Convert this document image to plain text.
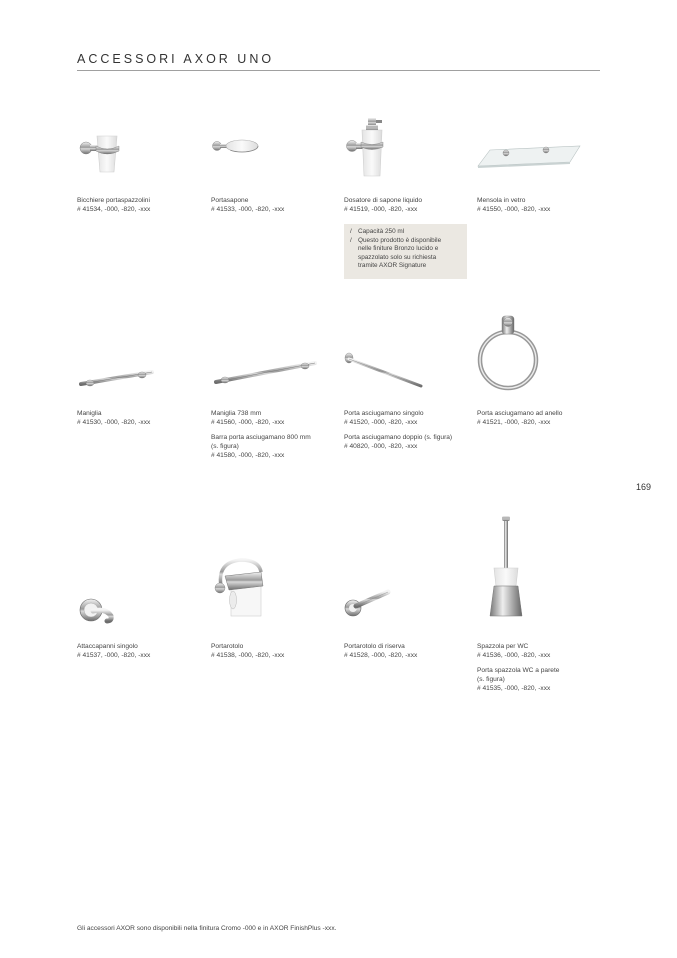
ACCESSORI AXOR UNO
169
Bicchiere portaspazzolini
# 41534, -000, -820, -xxx
Portasapone
# 41533, -000, -820, -xxx
Dosatore di sapone liquido
# 41519, -000, -820, -xxx
Mensola in vetro
# 41550, -000, -820, -xxx
/ Capacità 250 ml
/ Questo prodotto è disponibile
nelle finiture Bronzo lucido e
spazzolato solo su richiesta
tramite AXOR Signature
Maniglia
# 41530, -000, -820, -xxx
Maniglia 738 mm
# 41560, -000, -820, -xxx
Barra porta asciugamano 800 mm
(s. figura)
# 41580, -000, -820, -xxx
Porta asciugamano singolo
# 41520, -000, -820, -xxx
Porta asciugamano doppio (s. figura)
# 40820, -000, -820, -xxx
Porta asciugamano ad anello
# 41521, -000, -820, -xxx
Attaccapanni singolo
# 41537, -000, -820, -xxx
Portarotolo
# 41538, -000, -820, -xxx
Portarotolo di riserva
# 41528, -000, -820, -xxx
Spazzola per WC
# 41536, -000, -820, -xxx
Porta spazzola WC a parete
(s. figura)
# 41535, -000, -820, -xxx
Gli accessori AXOR sono disponibili nella finitura Cromo -000 e in AXOR FinishPlus -xxx.
